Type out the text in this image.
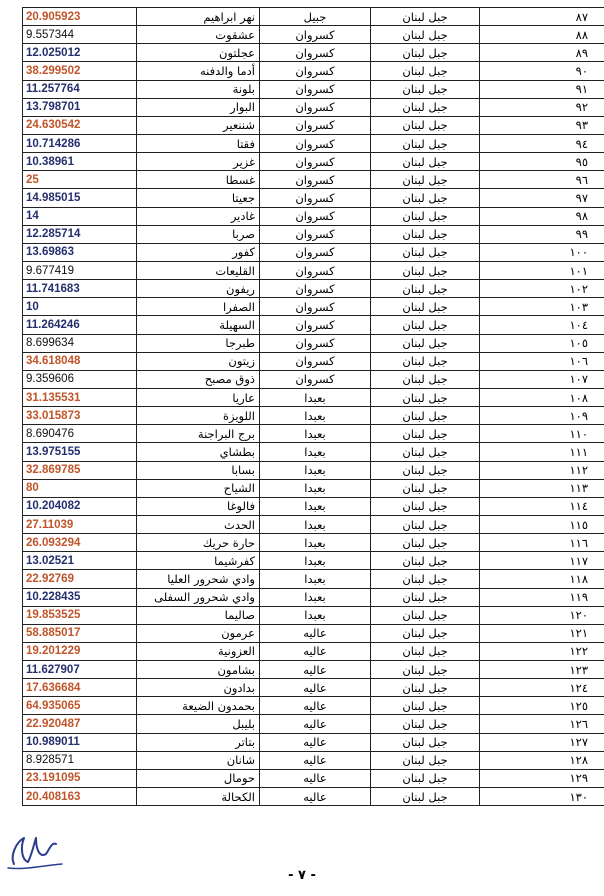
20.905923	نهر ابراهيم	جبيل	جبل لبنان	٨٧
9.557344	عشقوت	كسروان	جبل لبنان	٨٨
12.025012	عجلتون	كسروان	جبل لبنان	٨٩
38.299502	أدما والدفنه	كسروان	جبل لبنان	٩٠
11.257764	بلونة	كسروان	جبل لبنان	٩١
13.798701	البوار	كسروان	جبل لبنان	٩٢
24.630542	شننعير	كسروان	جبل لبنان	٩٣
10.714286	فقتا	كسروان	جبل لبنان	٩٤
10.38961	غزير	كسروان	جبل لبنان	٩٥
25	غسطا	كسروان	جبل لبنان	٩٦
14.985015	جعيتا	كسروان	جبل لبنان	٩٧
14	غادير	كسروان	جبل لبنان	٩٨
12.285714	صربا	كسروان	جبل لبنان	٩٩
13.69863	كفور	كسروان	جبل لبنان	١٠٠
9.677419	القليعات	كسروان	جبل لبنان	١٠١
11.741683	ريفون	كسروان	جبل لبنان	١٠٢
10	الصفرا	كسروان	جبل لبنان	١٠٣
11.264246	السهيلة	كسروان	جبل لبنان	١٠٤
8.699634	طبرجا	كسروان	جبل لبنان	١٠٥
34.618048	زيتون	كسروان	جبل لبنان	١٠٦
9.359606	ذوق مصبح	كسروان	جبل لبنان	١٠٧
31.135531	عاريا	بعبدا	جبل لبنان	١٠٨
33.015873	اللويزة	بعبدا	جبل لبنان	١٠٩
8.690476	برج البراجنة	بعبدا	جبل لبنان	١١٠
13.975155	بطشاي	بعبدا	جبل لبنان	١١١
32.869785	بسابا	بعبدا	جبل لبنان	١١٢
80	الشياح	بعبدا	جبل لبنان	١١٣
10.204082	فالوغا	بعبدا	جبل لبنان	١١٤
27.11039	الحدث	بعبدا	جبل لبنان	١١٥
26.093294	حارة حريك	بعبدا	جبل لبنان	١١٦
13.02521	كفرشيما	بعبدا	جبل لبنان	١١٧
22.92769	وادي شحرور العليا	بعبدا	جبل لبنان	١١٨
10.228435	وادي شحرور السفلى	بعبدا	جبل لبنان	١١٩
19.853525	صاليما	بعبدا	جبل لبنان	١٢٠
58.885017	عرمون	عاليه	جبل لبنان	١٢١
19.201229	العزونية	عاليه	جبل لبنان	١٢٢
11.627907	بشامون	عاليه	جبل لبنان	١٢٣
17.636684	بدادون	عاليه	جبل لبنان	١٢٤
64.935065	بحمدون الضيعة	عاليه	جبل لبنان	١٢٥
22.920487	بليبل	عاليه	جبل لبنان	١٢٦
10.989011	بتاتر	عاليه	جبل لبنان	١٢٧
8.928571	شانان	عاليه	جبل لبنان	١٢٨
23.191095	حومال	عاليه	جبل لبنان	١٢٩
20.408163	الكحالة	عاليه	جبل لبنان	١٣٠
- ٧ -
